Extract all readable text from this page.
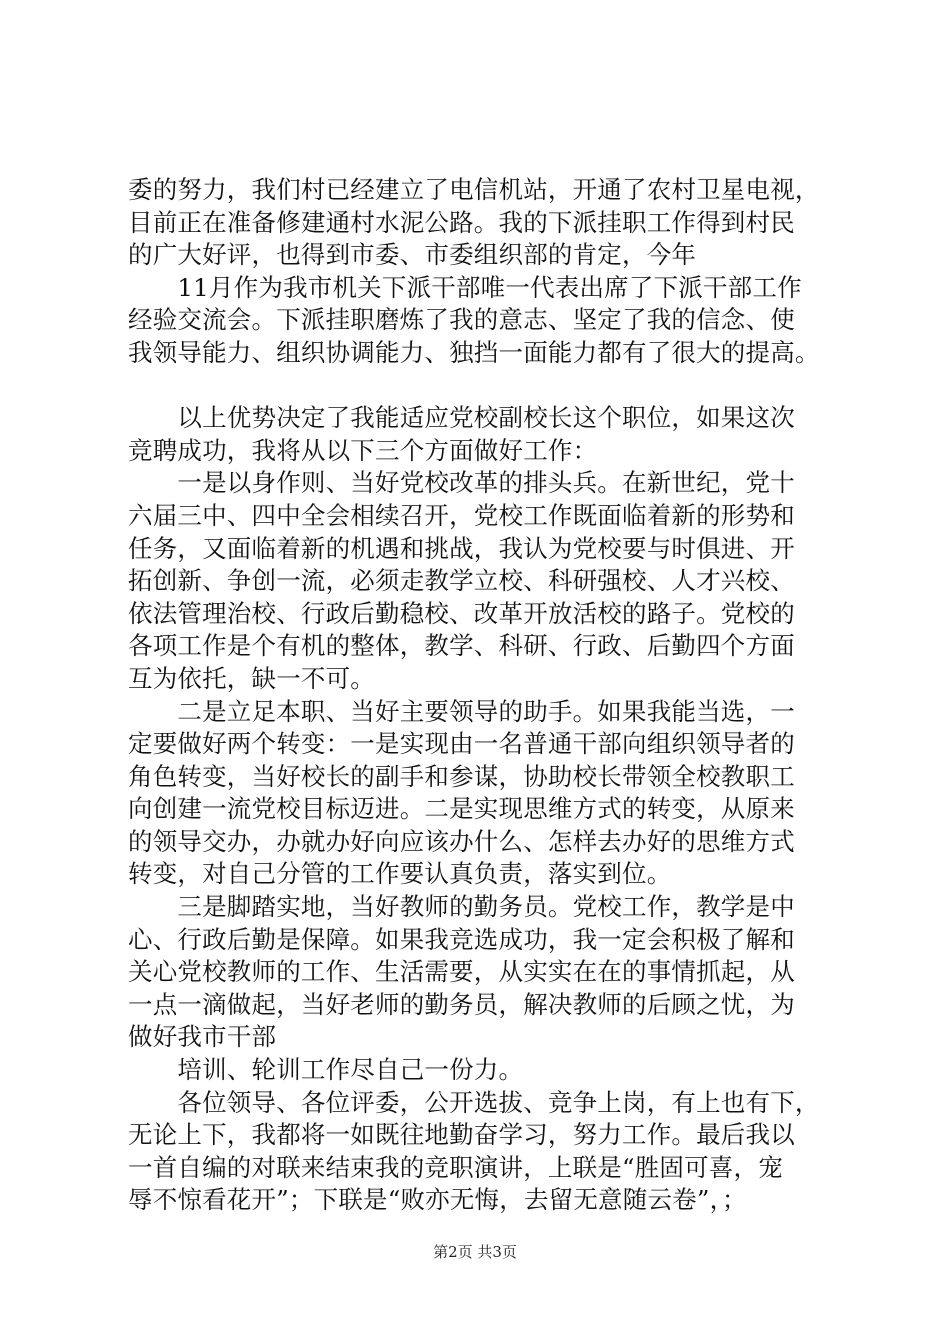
委的努力，我们村已经建立了电信机站，开通了农村卫星电视，
目前正在准备修建通村水泥公路。我的下派挂职工作得到村民
的广大好评，也得到市委、市委组织部的肯定，今年
　　11月作为我市机关下派干部唯一代表出席了下派干部工作
经验交流会。下派挂职磨炼了我的意志、坚定了我的信念、使
我领导能力、组织协调能力、独挡一面能力都有了很大的提高。
　　以上优势决定了我能适应党校副校长这个职位，如果这次
竞聘成功，我将从以下三个方面做好工作：
　　一是以身作则、当好党校改革的排头兵。在新世纪，党十
六届三中、四中全会相续召开，党校工作既面临着新的形势和
任务，又面临着新的机遇和挑战，我认为党校要与时俱进、开
拓创新、争创一流，必须走教学立校、科研强校、人才兴校、
依法管理治校、行政后勤稳校、改革开放活校的路子。党校的
各项工作是个有机的整体，教学、科研、行政、后勤四个方面
互为依托，缺一不可。
　　二是立足本职、当好主要领导的助手。如果我能当选，一
定要做好两个转变：一是实现由一名普通干部向组织领导者的
角色转变，当好校长的副手和参谋，协助校长带领全校教职工
向创建一流党校目标迈进。二是实现思维方式的转变，从原来
的领导交办，办就办好向应该办什么、怎样去办好的思维方式
转变，对自己分管的工作要认真负责，落实到位。
　　三是脚踏实地，当好教师的勤务员。党校工作，教学是中
心、行政后勤是保障。如果我竞选成功，我一定会积极了解和
关心党校教师的工作、生活需要，从实实在在的事情抓起，从
一点一滴做起，当好老师的勤务员，解决教师的后顾之忧，为
做好我市干部
　　培训、轮训工作尽自己一份力。
　　各位领导、各位评委，公开选拔、竞争上岗，有上也有下，
无论上下，我都将一如既往地勤奋学习，努力工作。最后我以
一首自编的对联来结束我的竞职演讲，上联是“胜固可喜，宠
辱不惊看花开”；下联是“败亦无悔，去留无意随云卷”，；
第2页 共3页
